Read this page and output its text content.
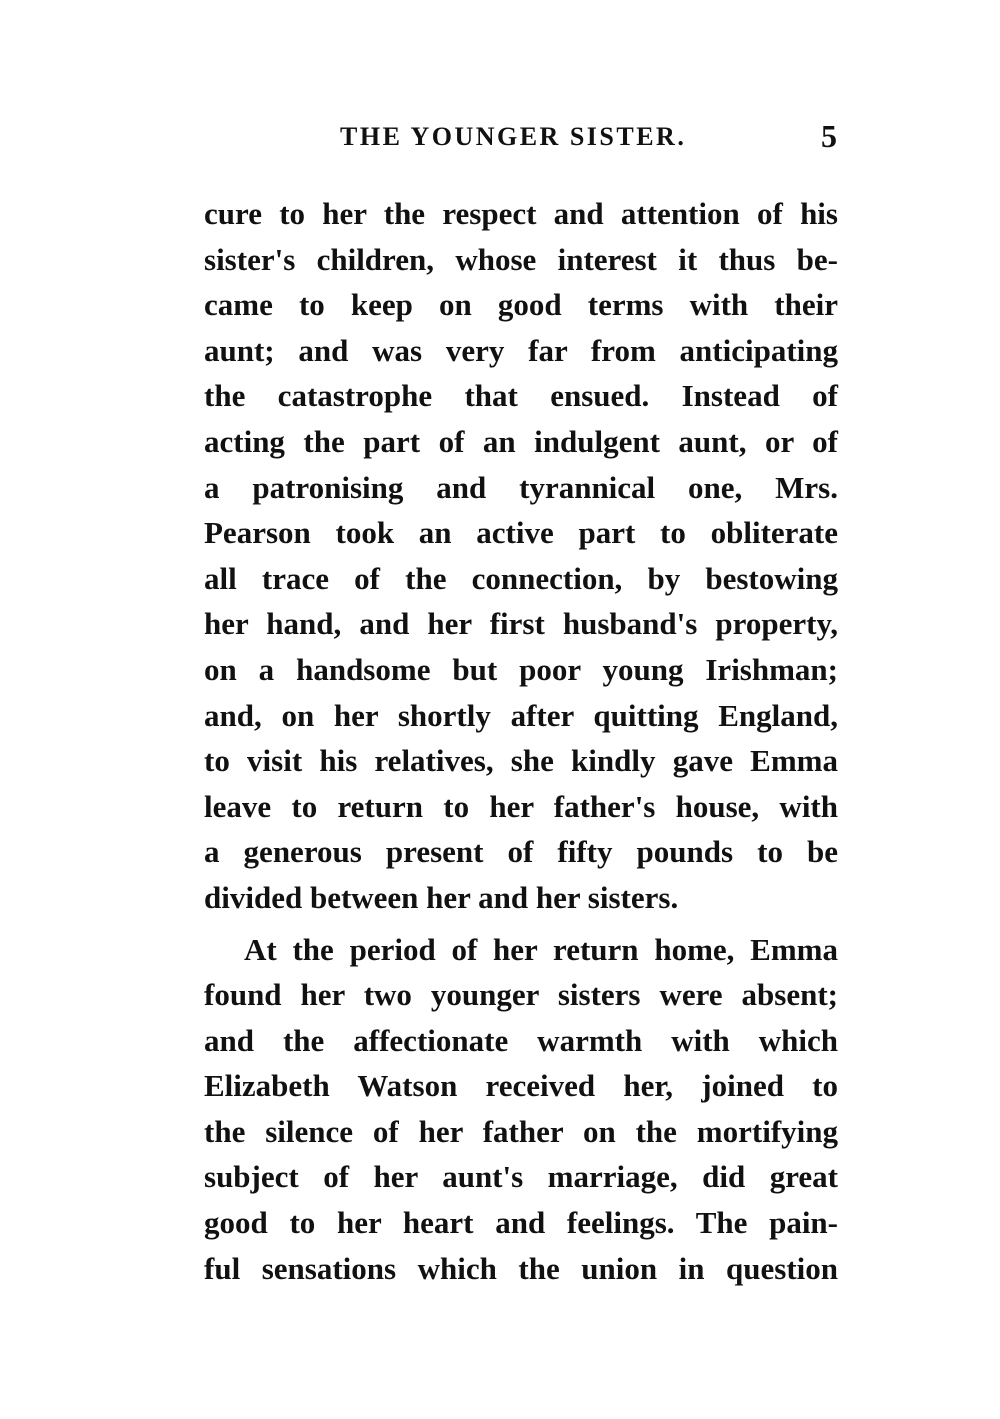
THE YOUNGER SISTER.	5
cure to her the respect and attention of his
sister's children, whose interest it thus be-
came to keep on good terms with their
aunt; and was very far from anticipating
the catastrophe that ensued. Instead of
acting the part of an indulgent aunt, or of
a patronising and tyrannical one, Mrs.
Pearson took an active part to obliterate
all trace of the connection, by bestowing
her hand, and her first husband's property,
on a handsome but poor young Irishman;
and, on her shortly after quitting England,
to visit his relatives, she kindly gave Emma
leave to return to her father's house, with
a generous present of fifty pounds to be
divided between her and her sisters.
At the period of her return home, Emma
found her two younger sisters were absent;
and the affectionate warmth with which
Elizabeth Watson received her, joined to
the silence of her father on the mortifying
subject of her aunt's marriage, did great
good to her heart and feelings. The pain-
ful sensations which the union in question
